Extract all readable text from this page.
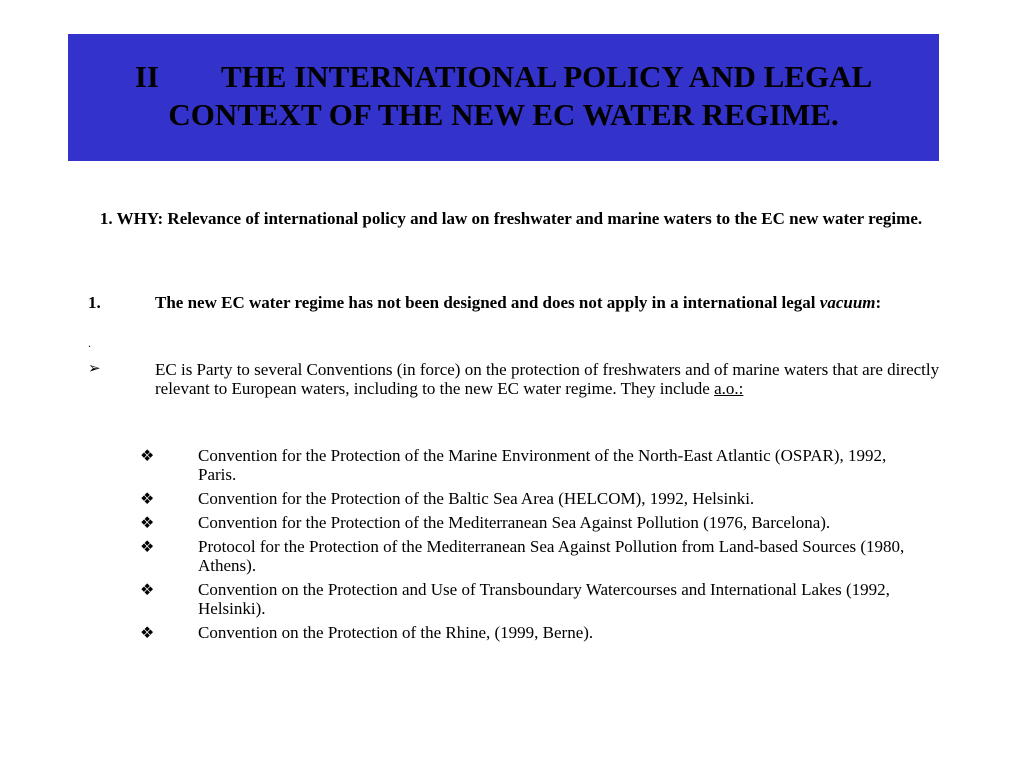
II THE INTERNATIONAL POLICY AND LEGAL CONTEXT OF THE NEW EC WATER REGIME.
1. WHY: Relevance of international policy and law on freshwater and marine waters to the EC new water regime.
1.	The new EC water regime has not been designed and does not apply in a international legal vacuum:
.
➢	EC is Party to several Conventions (in force) on the protection of freshwaters and of marine waters that are directly relevant to European waters, including to the new EC water regime. They include a.o.:
❖	Convention for the Protection of the Marine Environment of the North-East Atlantic (OSPAR), 1992, Paris.
❖	Convention for the Protection of the Baltic Sea Area (HELCOM), 1992, Helsinki.
❖	Convention for the Protection of the Mediterranean Sea Against Pollution (1976, Barcelona).
❖	Protocol for the Protection of the Mediterranean Sea Against Pollution from Land-based Sources (1980, Athens).
❖	Convention on the Protection and Use of Transboundary Watercourses and International Lakes (1992, Helsinki).
❖	Convention on the Protection of the Rhine, (1999, Berne).
